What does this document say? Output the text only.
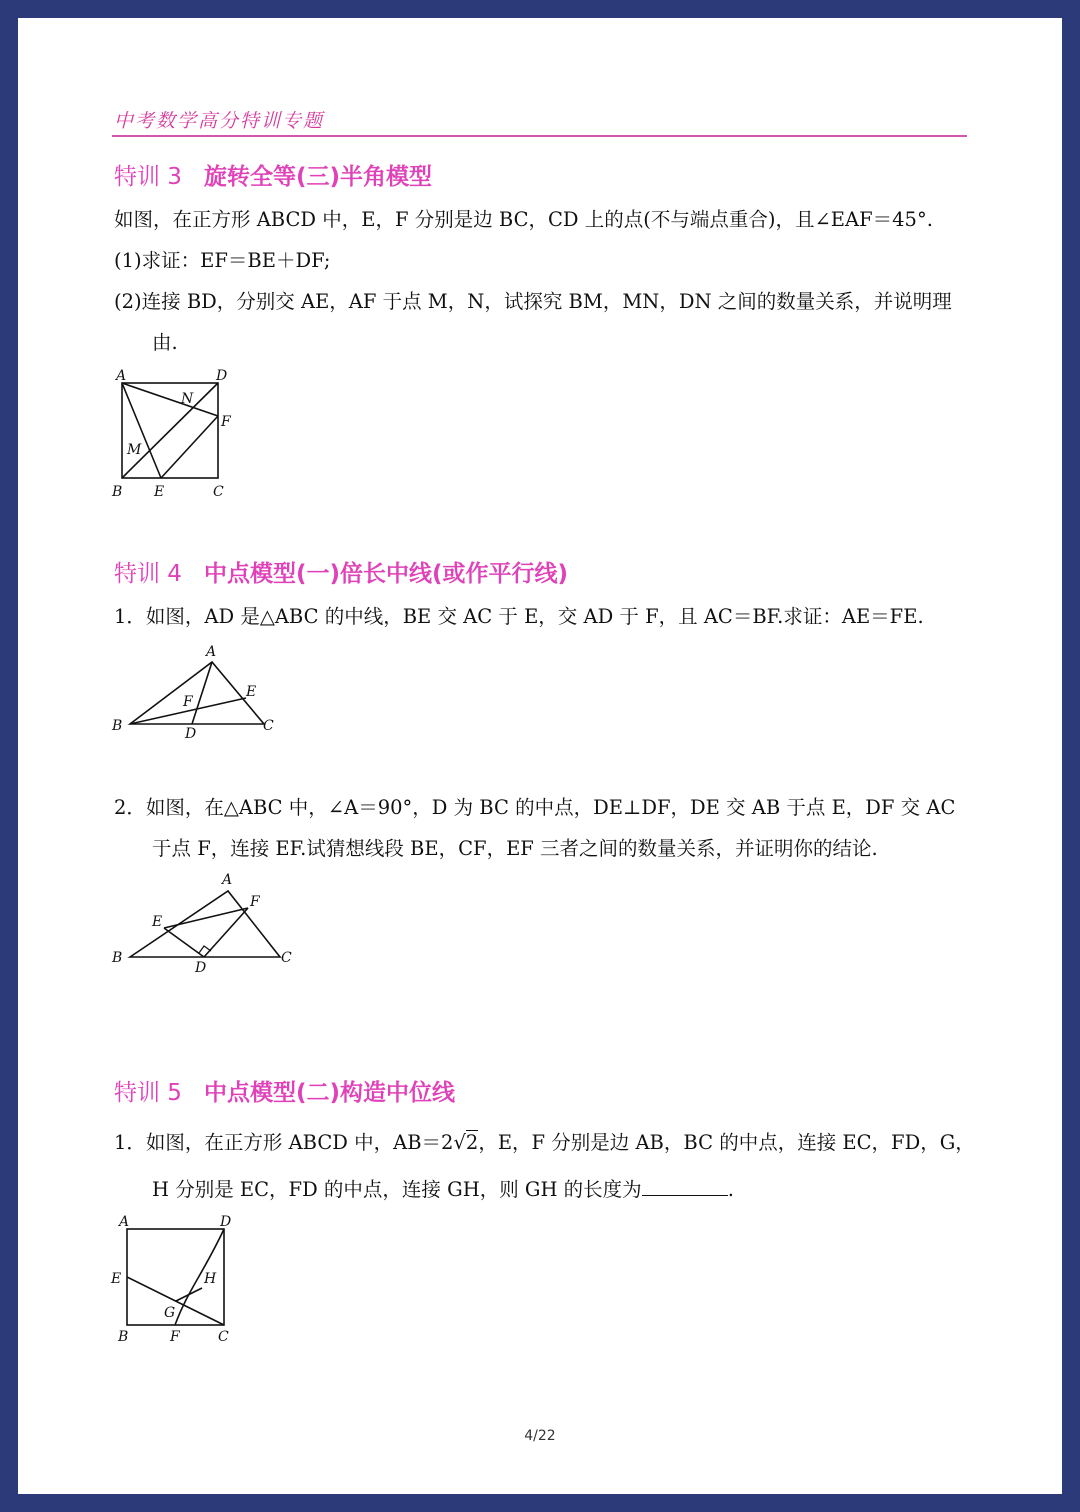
中考数学高分特训专题
特训 3 旋转全等(三)半角模型
如图，在正方形 ABCD 中，E，F 分别是边 BC，CD 上的点(不与端点重合)，且∠EAF＝45°.
(1)求证：EF＝BE＋DF;
(2)连接 BD，分别交 AE，AF 于点 M，N，试探究 BM，MN，DN 之间的数量关系，并说明理
由.
A	D
N
F
M
B E	C
特训 4 中点模型(一)倍长中线(或作平行线)
1．如图，AD 是△ABC 的中线，BE 交 AC 于 E，交 AD 于 F，且 AC＝BF.求证：AE＝FE.
A
E
F
B	D	C
2．如图，在△ABC 中，∠A＝90°，D 为 BC 的中点，DE⊥DF，DE 交 AB 于点 E，DF 交 AC
于点 F，连接 EF.试猜想线段 BE，CF，EF 三者之间的数量关系，并证明你的结论.
A
F
E
B
D
C
特训 5 中点模型(二)构造中位线
1．如图，在正方形 ABCD 中，AB＝2√2，E，F 分别是边 AB，BC 的中点，连接 EC，FD，G，
H 分别是 EC，FD 的中点，连接 GH，则 GH 的长度为	.
A	D
E	H
G
B	F	C
4/22
